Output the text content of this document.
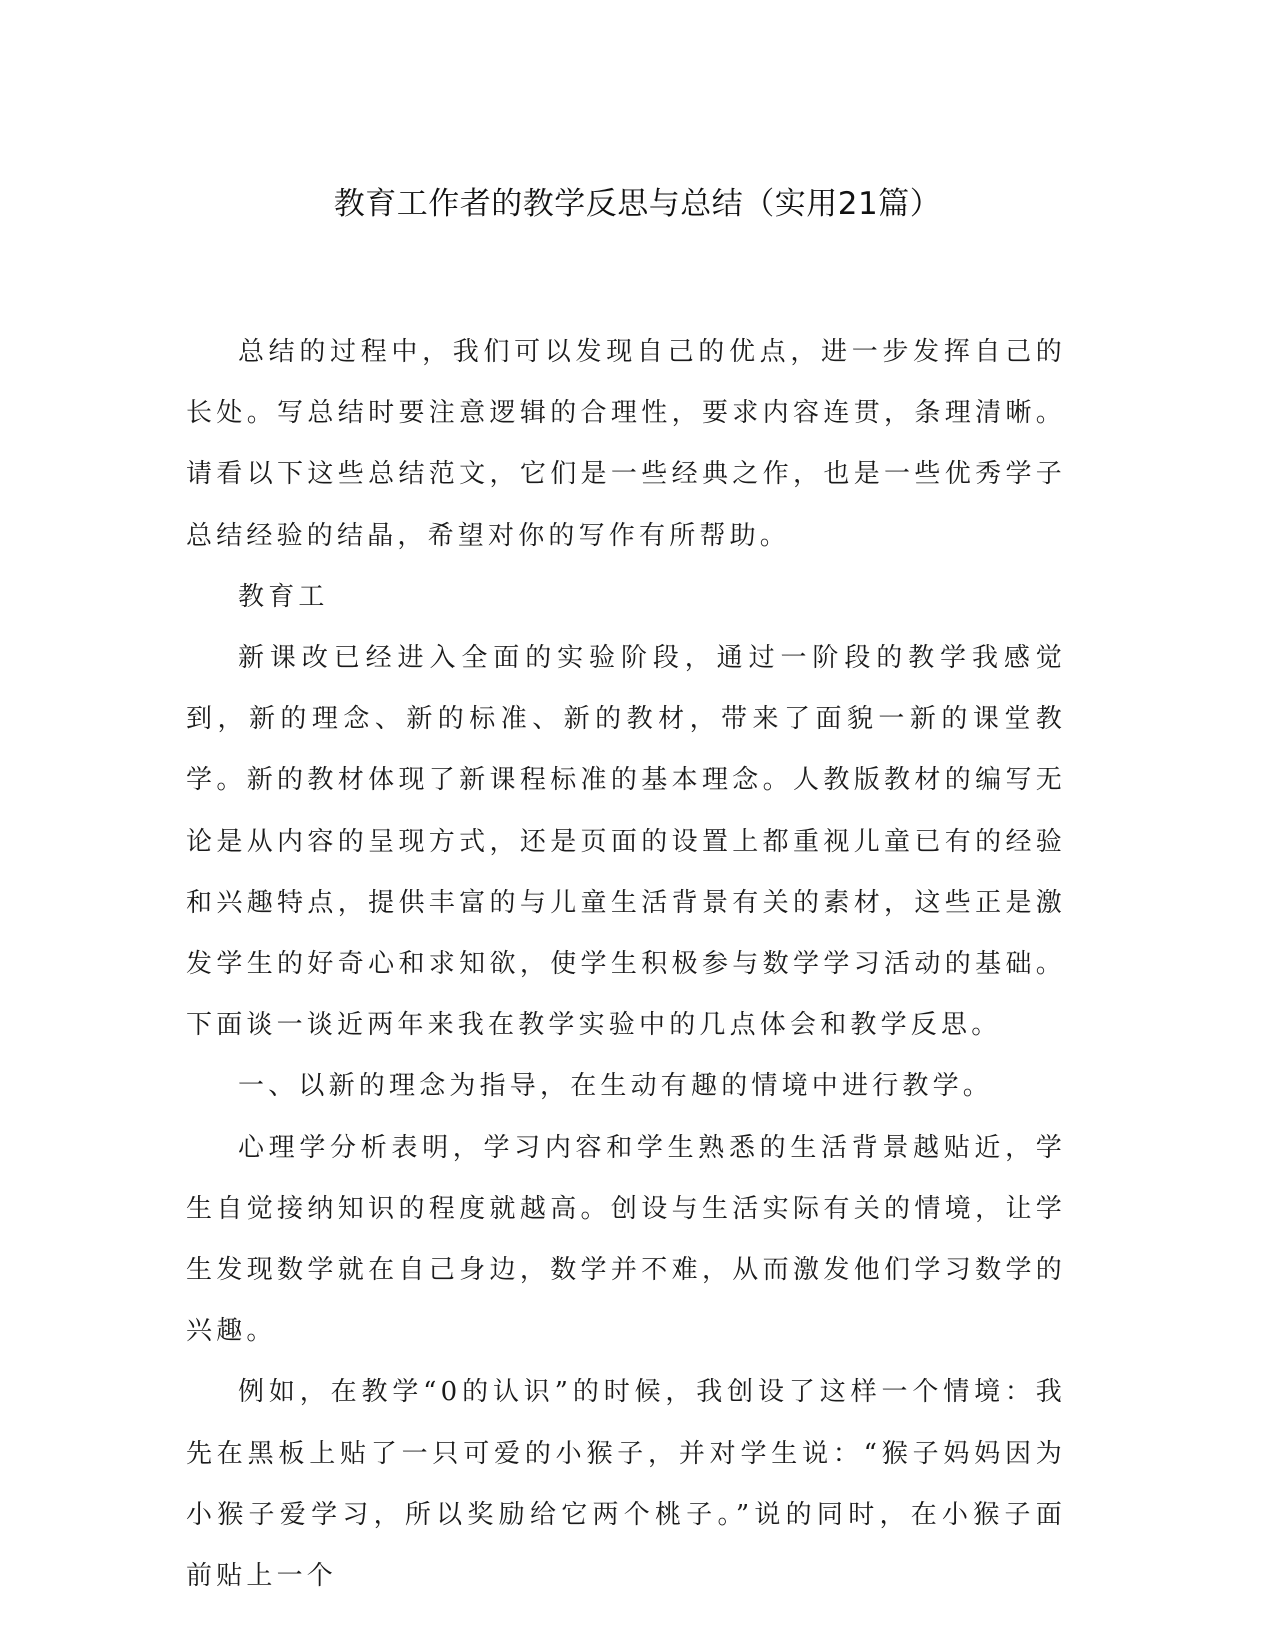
教育工作者的教学反思与总结（实用21篇）

总结的过程中，我们可以发现自己的优点，进一步发挥自己的长处。写总结时要注意逻辑的合理性，要求内容连贯，条理清晰。请看以下这些总结范文，它们是一些经典之作，也是一些优秀学子总结经验的结晶，希望对你的写作有所帮助。

教育工

新课改已经进入全面的实验阶段，通过一阶段的教学我感觉到，新的理念、新的标准、新的教材，带来了面貌一新的课堂教学。新的教材体现了新课程标准的基本理念。人教版教材的编写无论是从内容的呈现方式，还是页面的设置上都重视儿童已有的经验和兴趣特点，提供丰富的与儿童生活背景有关的素材，这些正是激发学生的好奇心和求知欲，使学生积极参与数学学习活动的基础。下面谈一谈近两年来我在教学实验中的几点体会和教学反思。

一、以新的理念为指导，在生动有趣的情境中进行教学。

心理学分析表明，学习内容和学生熟悉的生活背景越贴近，学生自觉接纳知识的程度就越高。创设与生活实际有关的情境，让学生发现数学就在自己身边，数学并不难，从而激发他们学习数学的兴趣。

例如，在教学“0的认识”的时候，我创设了这样一个情境：我先在黑板上贴了一只可爱的小猴子，并对学生说：“猴子妈妈因为小猴子爱学习，所以奖励给它两个桃子。”说的同时，在小猴子面前贴上一个
